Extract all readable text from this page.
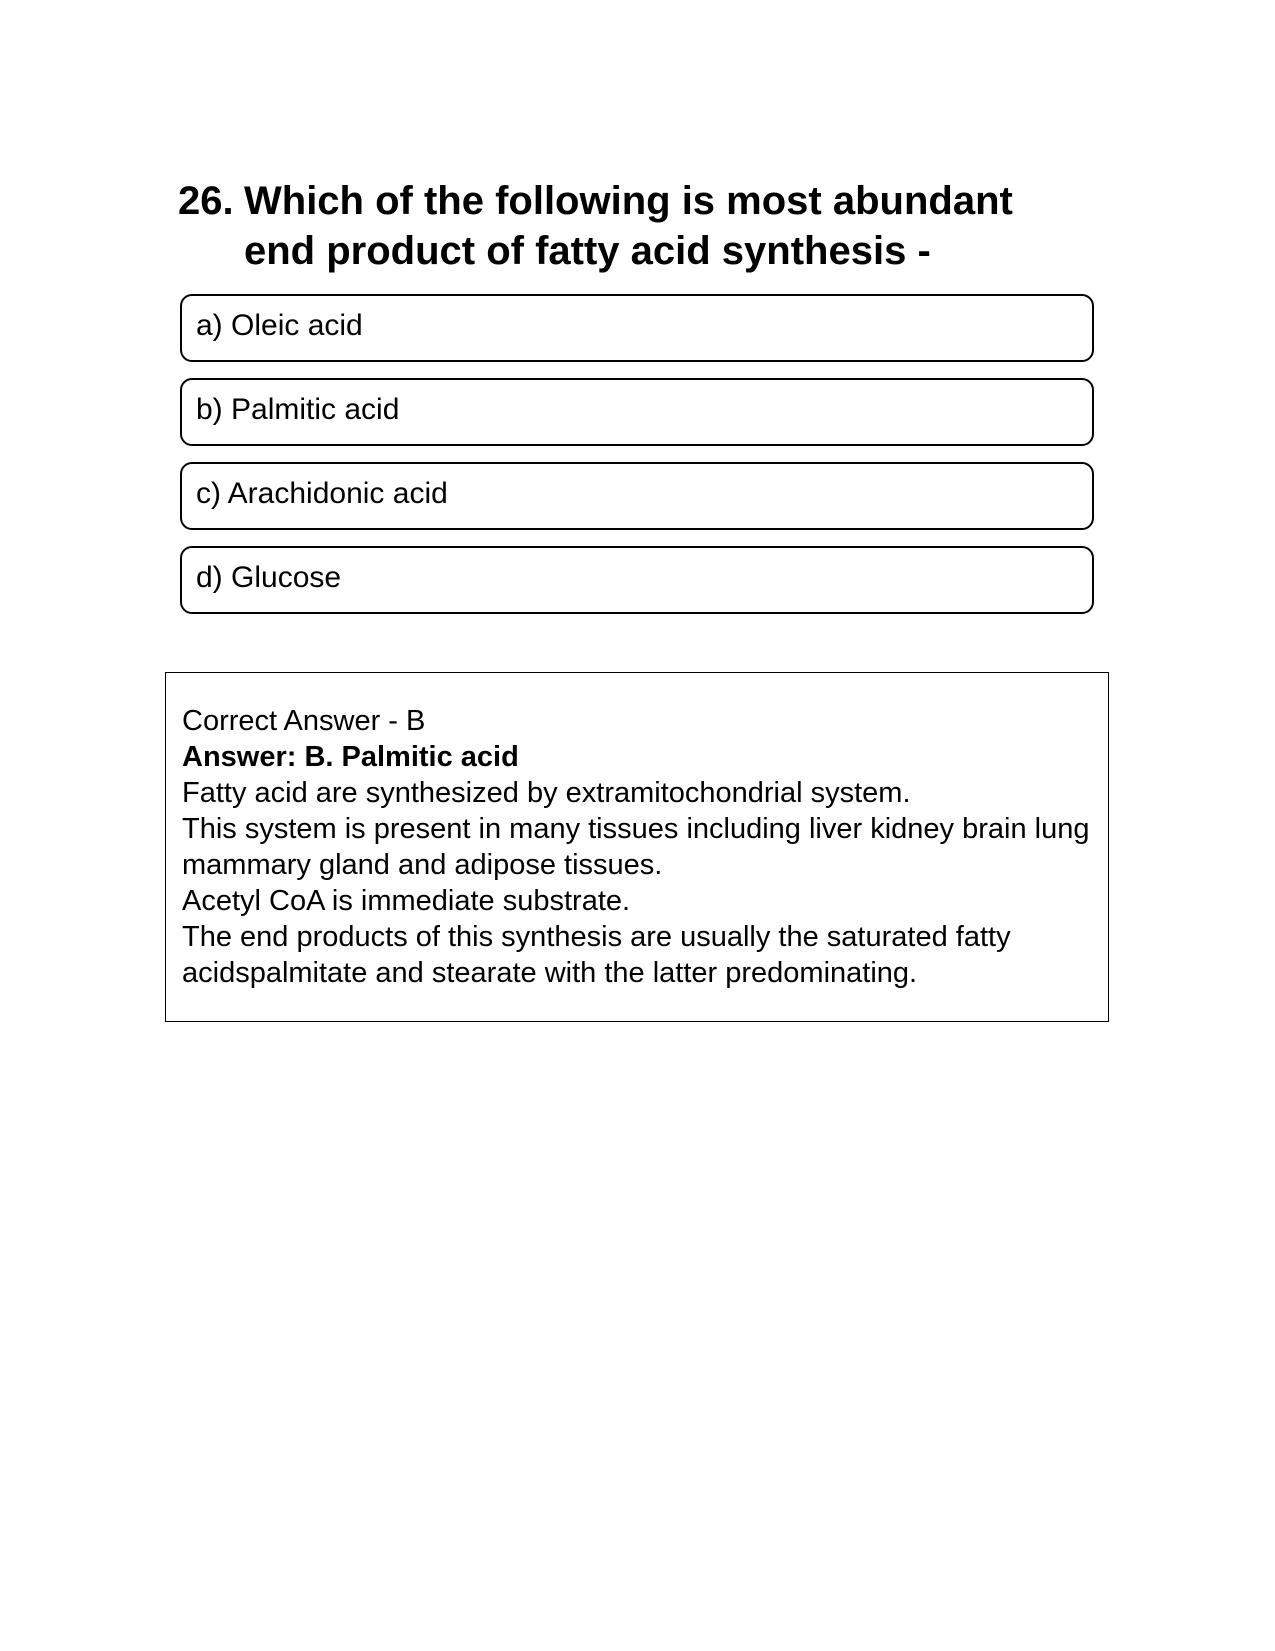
26. Which of the following is most abundant end product of fatty acid synthesis -
a) Oleic acid
b) Palmitic acid
c) Arachidonic acid
d) Glucose

Correct Answer - B

Answer: B. Palmitic acid

Fatty acid are synthesized by extramitochondrial system.

This system is present in many tissues including liver kidney brain lung mammary gland and adipose tissues.

Acetyl CoA is immediate substrate.

The end products of this synthesis are usually the saturated fatty acidspalmitate and stearate with the latter predominating.
